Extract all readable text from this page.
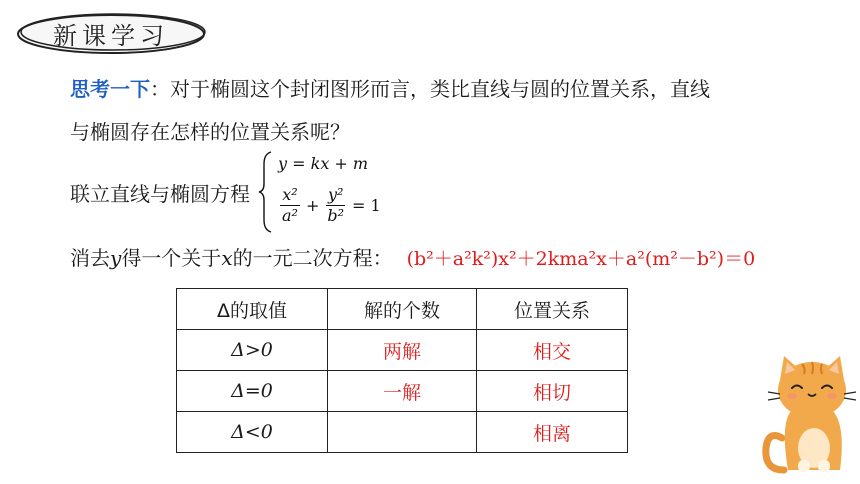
新课学习
思考一下：对于椭圆这个封闭图形而言，类比直线与圆的位置关系，直线
与椭圆存在怎样的位置关系呢？
联立直线与椭圆方程
y = kx + m
$\frac{\text{x²}}{\text{a²}} + \frac{\text{y²}}{\text{b²}} = 1$
消去y得一个关于x的一元二次方程： (b²＋a²k²)x²＋2kma²x＋a²(m²－b²)＝0
Δ的取值	解的个数	位置关系
Δ>0	两解	相交
Δ=0	一解	相切
Δ<0		相离
